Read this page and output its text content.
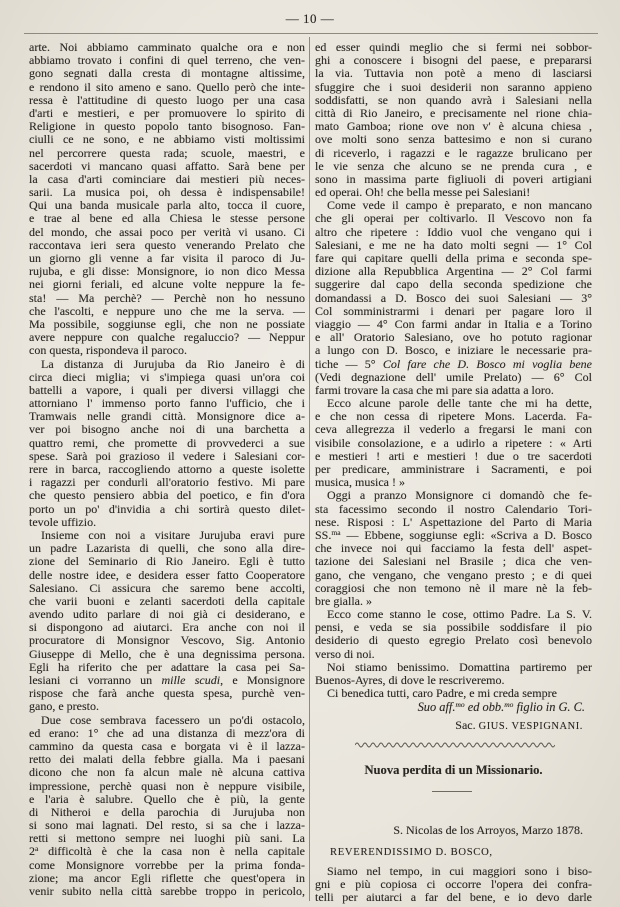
— 10 —
arte. Noi abbiamo camminato qualche ora e non
abbiamo trovato i confini di quel terreno, che ven-
gono segnati dalla cresta di montagne altissime,
e rendono il sito ameno e sano. Quello però che inte-
ressa è l'attitudine di questo luogo per una casa
d'arti e mestieri, e per promuovere lo spirito di
Religione in questo popolo tanto bisognoso. Fan-
ciulli ce ne sono, e ne abbiamo visti moltissimi
nel percorrere questa rada; scuole, maestri, e
sacerdoti vi mancano quasi affatto. Sarà bene per
la casa d'arti cominciare dai mestieri più neces-
sarii. La musica poi, oh dessa è indispensabile!
Qui una banda musicale parla alto, tocca il cuore,
e trae al bene ed alla Chiesa le stesse persone
del mondo, che assai poco per verità vi usano. Ci
raccontava ieri sera questo venerando Prelato che
un giorno gli venne a far visita il paroco di Ju-
rujuba, e gli disse: Monsignore, io non dico Messa
nei giorni feriali, ed alcune volte neppure la fe-
sta! — Ma perchè? — Perchè non ho nessuno
che l'ascolti, e neppure uno che me la serva. —
Ma possibile, soggiunse egli, che non ne possiate
avere neppure con qualche regaluccio? — Neppur
con questa, rispondeva il paroco.
La distanza di Jurujuba da Rio Janeiro è di
circa dieci miglia; vi s'impiega quasi un'ora coi
battelli a vapore, i quali per diversi villaggi che
attorniano l' immenso porto fanno l'ufficio, che i
Tramwais nelle grandi città. Monsignore dice a-
ver poi bisogno anche noi di una barchetta a
quattro remi, che promette di provvederci a sue
spese. Sarà poi grazioso il vedere i Salesiani cor-
rere in barca, raccogliendo attorno a queste isolette
i ragazzi per condurli all'oratorio festivo. Mi pare
che questo pensiero abbia del poetico, e fin d'ora
porto un po' d'invidia a chi sortirà questo dilet-
tevole uffizio.
Insieme con noi a visitare Jurujuba eravi pure
un padre Lazarista di quelli, che sono alla dire-
zione del Seminario di Rio Janeiro. Egli è tutto
delle nostre idee, e desidera esser fatto Cooperatore
Salesiano. Ci assicura che saremo bene accolti,
che varii buoni e zelanti sacerdoti della capitale
avendo udito parlare di noi già ci desiderano, e
si dispongono ad aiutarci. Era anche con noi il
procuratore di Monsignor Vescovo, Sig. Antonio
Giuseppe di Mello, che è una degnissima persona.
Egli ha riferito che per adattare la casa pei Sa-
lesiani ci vorranno un mille scudi, e Monsignore
rispose che farà anche questa spesa, purchè ven-
gano, e presto.
Due cose sembrava facessero un po'di ostacolo,
ed erano: 1° che ad una distanza di mezz'ora di
cammino da questa casa e borgata vi è il lazza-
retto dei malati della febbre gialla. Ma i paesani
dicono che non fa alcun male nè alcuna cattiva
impressione, perchè quasi non è neppure visibile,
e l'aria è salubre. Quello che è più, la gente
di Nitheroi e della parochia di Jurujuba non
si sono mai lagnati. Del resto, si sa che i lazza-
retti si mettono sempre nei luoghi più sani. La
2$^a$ difficoltà è che la casa non è nella capitale
come Monsignore vorrebbe per la prima fonda-
zione; ma ancor Egli riflette che quest'opera in
venir subito nella città sarebbe troppo in pericolo,
ed esser quindi meglio che si fermi nei sobbor-
ghi a conoscere i bisogni del paese, e prepararsi
la via. Tuttavia non potè a meno di lasciarsi
sfuggire che i suoi desiderii non saranno appieno
soddisfatti, se non quando avrà i Salesiani nella
città di Rio Janeiro, e precisamente nel rione chia-
mato Gamboa; rione ove non v' è alcuna chiesa ,
ove molti sono senza battesimo e non si curano
di riceverlo, i ragazzi e le ragazze brulicano per
le vie senza che alcuno se ne prenda cura , e
sono in massima parte figliuoli di poveri artigiani
ed operai. Oh! che bella messe pei Salesiani!
Come vede il campo è preparato, e non mancano
che gli operai per coltivarlo. Il Vescovo non fa
altro che ripetere : Iddio vuol che vengano qui i
Salesiani, e me ne ha dato molti segni — 1° Col
fare qui capitare quelli della prima e seconda spe-
dizione alla Repubblica Argentina — 2° Col farmi
suggerire dal capo della seconda spedizione che
domandassi a D. Bosco dei suoi Salesiani — 3°
Col somministrarmi i denari per pagare loro il
viaggio — 4° Con farmi andar in Italia e a Torino
e all' Oratorio Salesiano, ove ho potuto ragionar
a lungo con D. Bosco, e iniziare le necessarie pra-
tiche — 5° Col fare che D. Bosco mi voglia bene
(Vedi degnazione dell' umile Prelato) — 6° Col
farmi trovare la casa che mi pare sia adatta a loro.
Ecco alcune parole delle tante che mi ha dette,
e che non cessa di ripetere Mons. Lacerda. Fa-
ceva allegrezza il vederlo a fregarsi le mani con
visibile consolazione, e a udirlo a ripetere : « Arti
e mestieri ! arti e mestieri ! due o tre sacerdoti
per predicare, amministrare i Sacramenti, e poi
musica, musica ! »
Oggi a pranzo Monsignore ci domandò che fe-
sta facessimo secondo il nostro Calendario Tori-
nese. Risposi : L' Aspettazione del Parto di Maria
SS.$^{ma}$ — Ebbene, soggiunse egli: «Scriva a D. Bosco
che invece noi qui facciamo la festa dell' aspet-
tazione dei Salesiani nel Brasile ; dica che ven-
gano, che vengano, che vengano presto ; e di quei
coraggiosi che non temono nè il mare nè la feb-
bre gialla. »
Ecco come stanno le cose, ottimo Padre. La S. V.
pensi, e veda se sia possibile soddisfare il pio
desiderio di questo egregio Prelato così benevolo
verso di noi.
Noi stiamo benissimo. Domattina partiremo per
Buenos-Ayres, di dove le rescriveremo.
Ci benedica tutti, caro Padre, e mi creda sempre
Suo aff.$^{mo}$ ed obb.$^{mo}$ figlio in G. C.
Sac. GIUS. VESPIGNANI.
Nuova perdita di un Missionario.
S. Nicolas de los Arroyos, Marzo 1878.
REVERENDISSIMO D. BOSCO,
Siamo nel tempo, in cui maggiori sono i biso-
gni e più copiosa ci occorre l'opera dei confra-
telli per aiutarci a far del bene, e io devo darle
